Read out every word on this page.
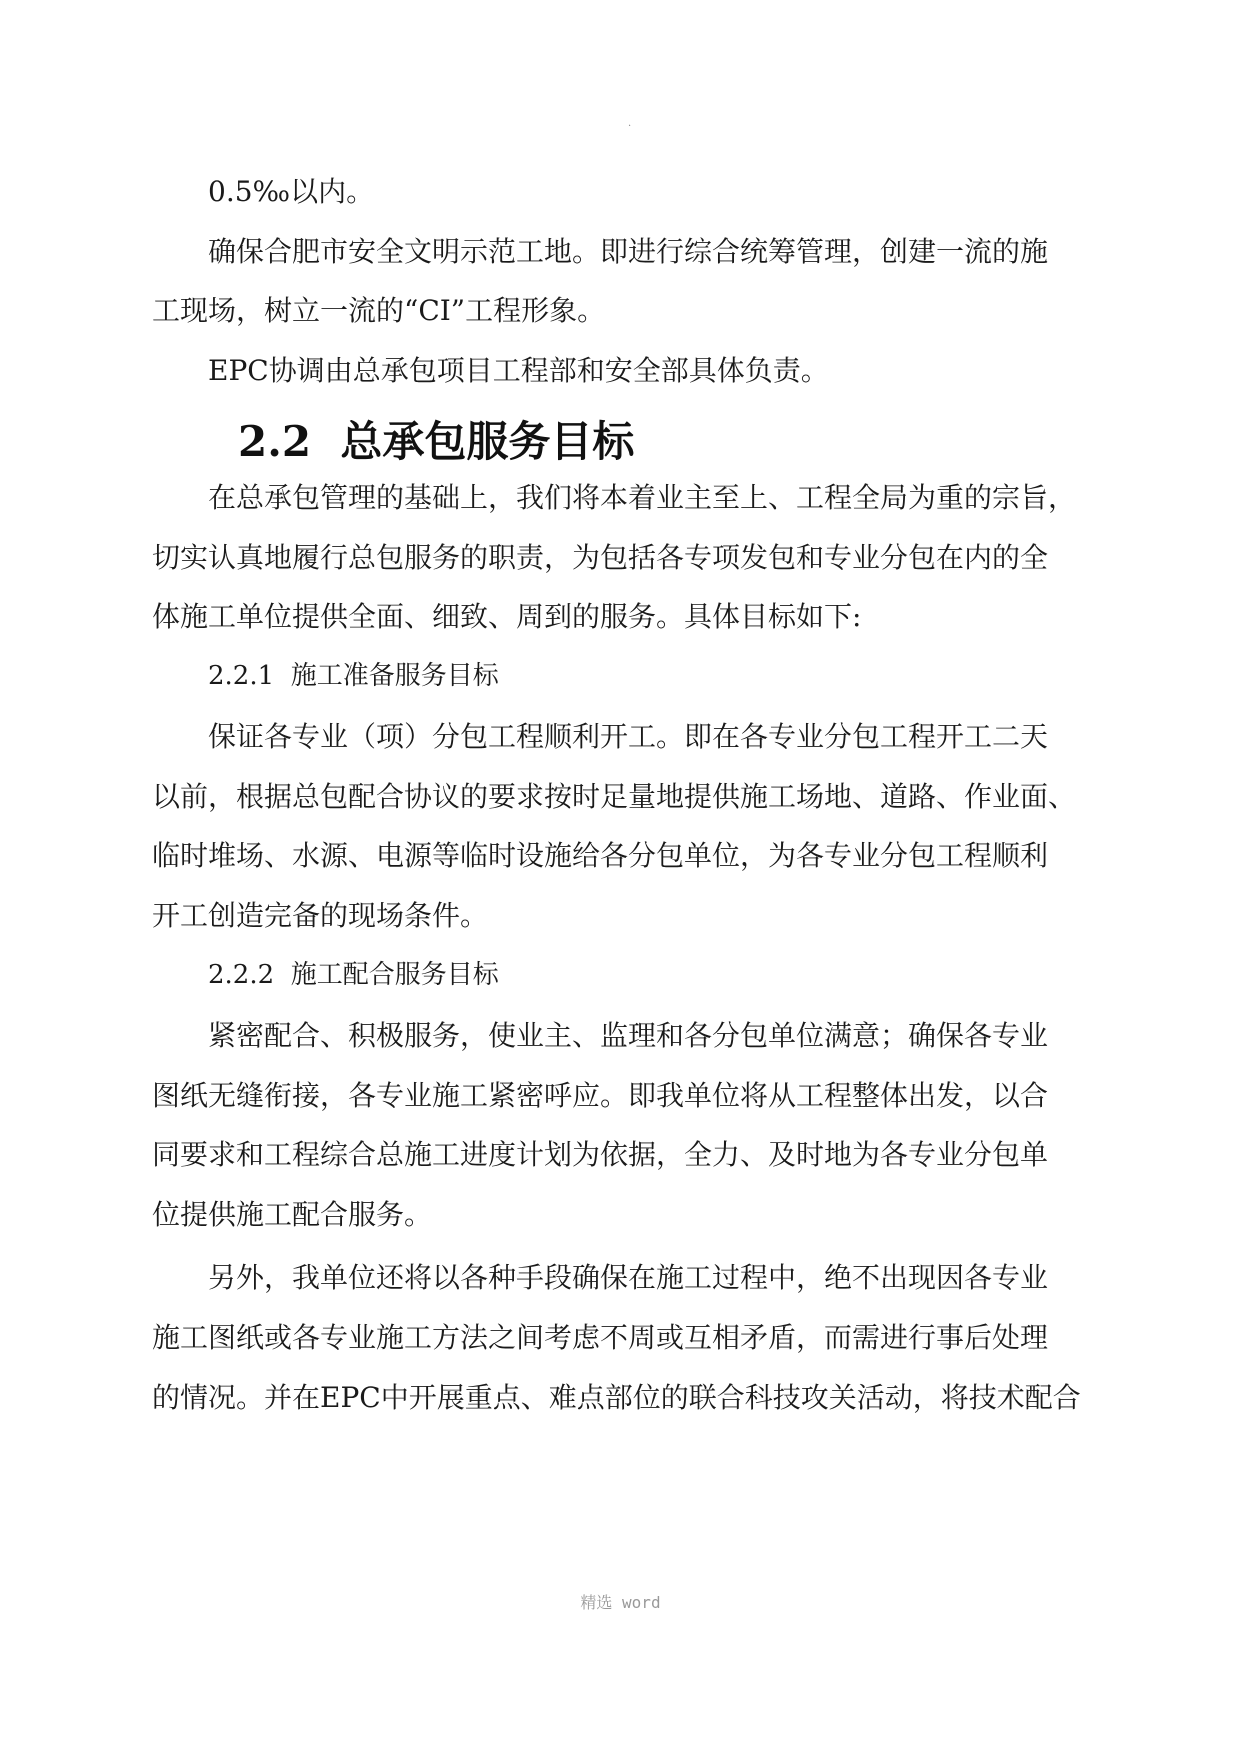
.
0.5‰以内。
确保合肥市安全文明示范工地。即进行综合统筹管理，创建一流的施
工现场，树立一流的“CI”工程形象。
EPC协调由总承包项目工程部和安全部具体负责。
2.2 总承包服务目标
在总承包管理的基础上，我们将本着业主至上、工程全局为重的宗旨，
切实认真地履行总包服务的职责，为包括各专项发包和专业分包在内的全
体施工单位提供全面、细致、周到的服务。具体目标如下:
2.2.1 施工准备服务目标
保证各专业（项）分包工程顺利开工。即在各专业分包工程开工二天
以前，根据总包配合协议的要求按时足量地提供施工场地、道路、作业面、
临时堆场、水源、电源等临时设施给各分包单位，为各专业分包工程顺利
开工创造完备的现场条件。
2.2.2 施工配合服务目标
紧密配合、积极服务，使业主、监理和各分包单位满意；确保各专业
图纸无缝衔接，各专业施工紧密呼应。即我单位将从工程整体出发，以合
同要求和工程综合总施工进度计划为依据，全力、及时地为各专业分包单
位提供施工配合服务。
另外，我单位还将以各种手段确保在施工过程中，绝不出现因各专业
施工图纸或各专业施工方法之间考虑不周或互相矛盾，而需进行事后处理
的情况。并在EPC中开展重点、难点部位的联合科技攻关活动，将技术配合
精选 word
